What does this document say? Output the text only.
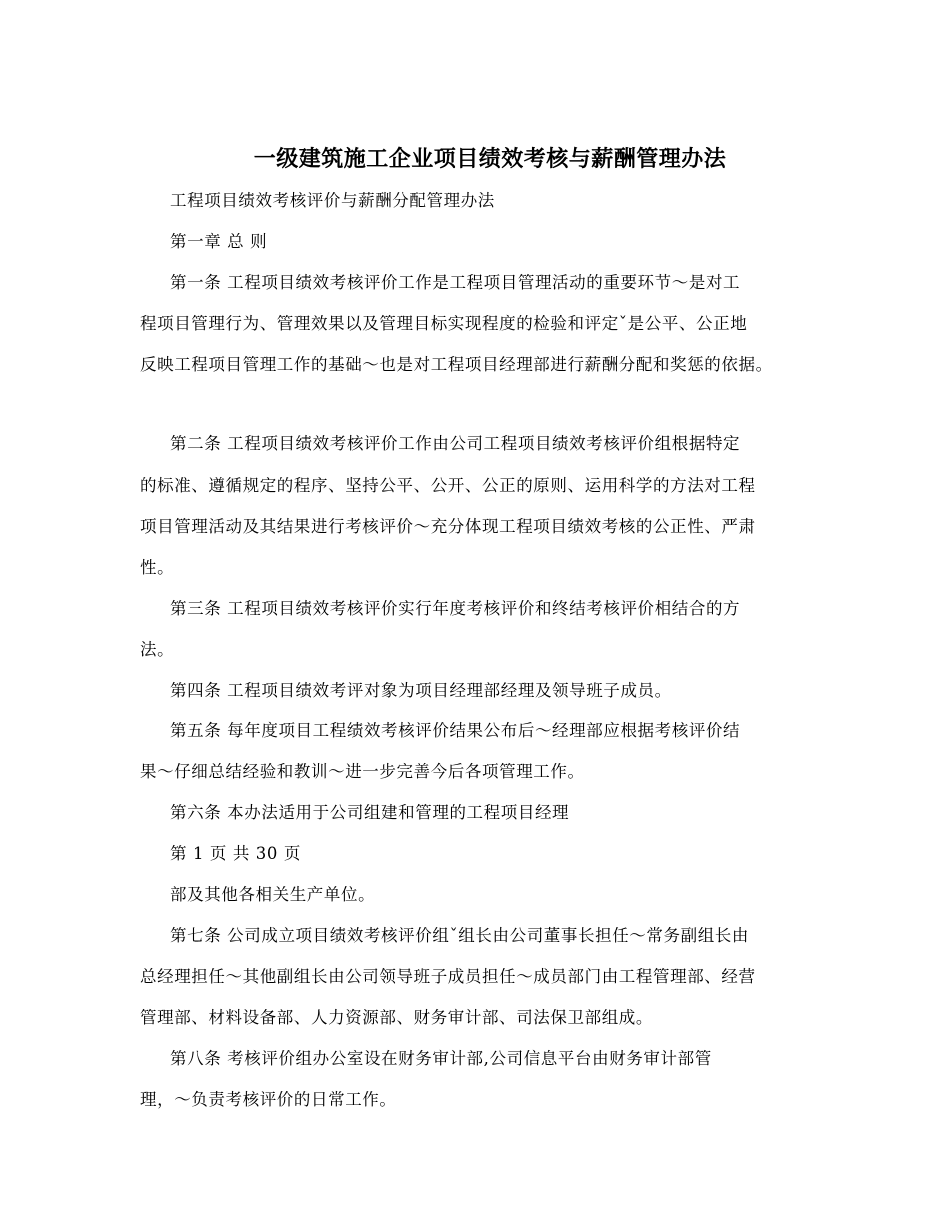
一级建筑施工企业项目绩效考核与薪酬管理办法
工程项目绩效考核评价与薪酬分配管理办法
第一章 总 则
第一条 工程项目绩效考核评价工作是工程项目管理活动的重要环节～是对工
程项目管理行为、管理效果以及管理目标实现程度的检验和评定ˇ是公平、公正地
反映工程项目管理工作的基础～也是对工程项目经理部进行薪酬分配和奖惩的依据。
第二条 工程项目绩效考核评价工作由公司工程项目绩效考核评价组根据特定
的标准、遵循规定的程序、坚持公平、公开、公正的原则、运用科学的方法对工程
项目管理活动及其结果进行考核评价～充分体现工程项目绩效考核的公正性、严肃
性。
第三条 工程项目绩效考核评价实行年度考核评价和终结考核评价相结合的方
法。
第四条 工程项目绩效考评对象为项目经理部经理及领导班子成员。
第五条 每年度项目工程绩效考核评价结果公布后～经理部应根据考核评价结
果～仔细总结经验和教训～进一步完善今后各项管理工作。
第六条 本办法适用于公司组建和管理的工程项目经理
第 1 页 共 30 页
部及其他各相关生产单位。
第七条 公司成立项目绩效考核评价组ˇ组长由公司董事长担任～常务副组长由
总经理担任～其他副组长由公司领导班子成员担任～成员部门由工程管理部、经营
管理部、材料设备部、人力资源部、财务审计部、司法保卫部组成。
第八条 考核评价组办公室设在财务审计部,公司信息平台由财务审计部管
理，～负责考核评价的日常工作。
